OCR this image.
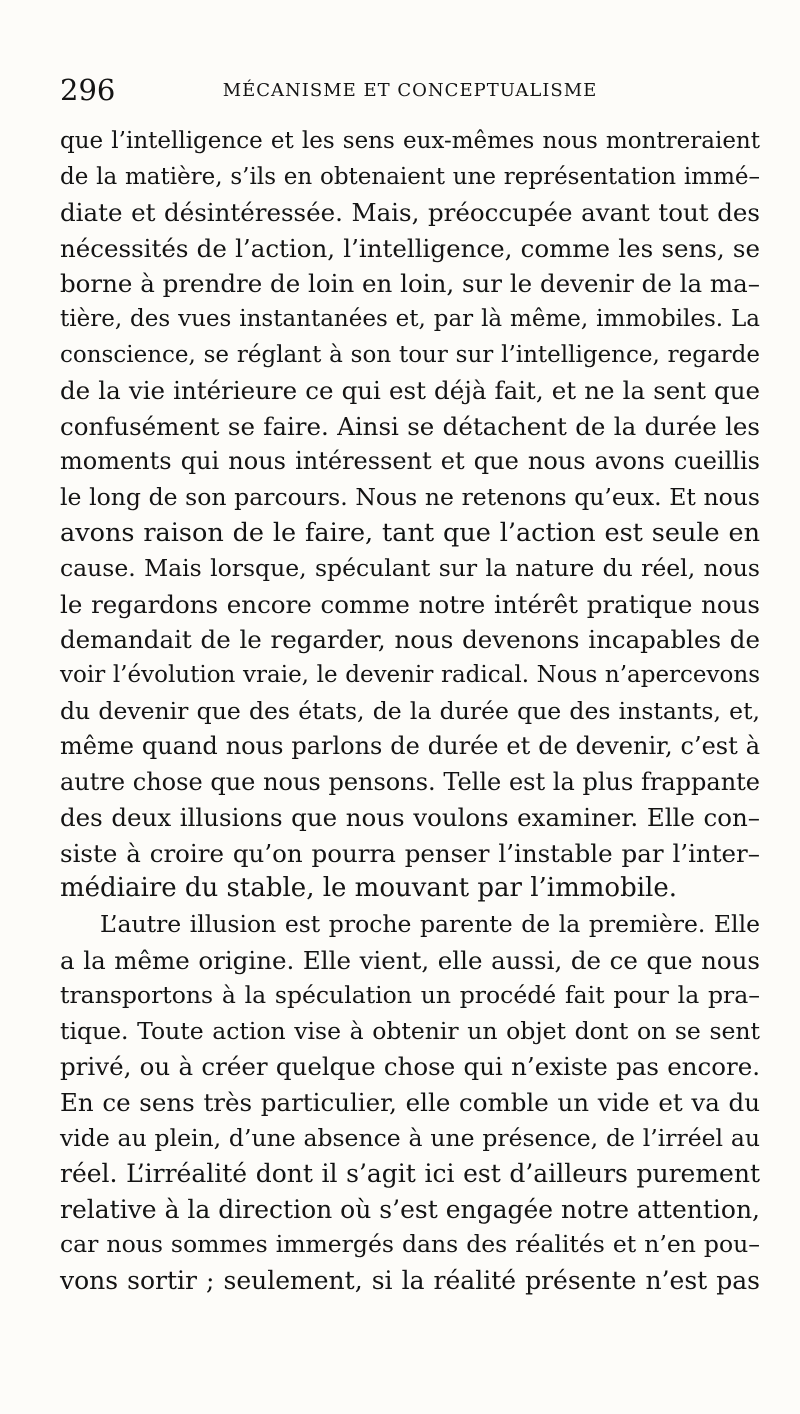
296	MÉCANISME ET CONCEPTUALISME
que l’intelligence et les sens eux-mêmes nous montreraient
de la matière, s’ils en obtenaient une représentation immé–
diate et désintéressée. Mais, préoccupée avant tout des
nécessités de l’action, l’intelligence, comme les sens, se
borne à prendre de loin en loin, sur le devenir de la ma–
tière, des vues instantanées et, par là même, immobiles. La
conscience, se réglant à son tour sur l’intelligence, regarde
de la vie intérieure ce qui est déjà fait, et ne la sent que
confusément se faire. Ainsi se détachent de la durée les
moments qui nous intéressent et que nous avons cueillis
le long de son parcours. Nous ne retenons qu’eux. Et nous
avons raison de le faire, tant que l’action est seule en
cause. Mais lorsque, spéculant sur la nature du réel, nous
le regardons encore comme notre intérêt pratique nous
demandait de le regarder, nous devenons incapables de
voir l’évolution vraie, le devenir radical. Nous n’apercevons
du devenir que des états, de la durée que des instants, et,
même quand nous parlons de durée et de devenir, c’est à
autre chose que nous pensons. Telle est la plus frappante
des deux illusions que nous voulons examiner. Elle con–
siste à croire qu’on pourra penser l’instable par l’inter–
médiaire du stable, le mouvant par l’immobile.
L’autre illusion est proche parente de la première. Elle
a la même origine. Elle vient, elle aussi, de ce que nous
transportons à la spéculation un procédé fait pour la pra–
tique. Toute action vise à obtenir un objet dont on se sent
privé, ou à créer quelque chose qui n’existe pas encore.
En ce sens très particulier, elle comble un vide et va du
vide au plein, d’une absence à une présence, de l’irréel au
réel. L’irréalité dont il s’agit ici est d’ailleurs purement
relative à la direction où s’est engagée notre attention,
car nous sommes immergés dans des réalités et n’en pou–
vons sortir ; seulement, si la réalité présente n’est pas
